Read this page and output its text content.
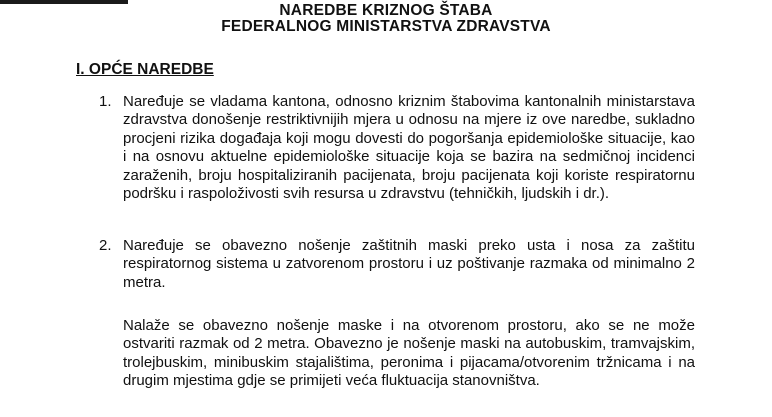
NAREDBE KRIZNOG ŠTABA
FEDERALNOG MINISTARSTVA ZDRAVSTVA
I. OPĆE NAREDBE
1. Naređuje se vladama kantona, odnosno kriznim štabovima kantonalnih ministarstava zdravstva donošenje restriktivnijih mjera u odnosu na mjere iz ove naredbe, sukladno procjeni rizika događaja koji mogu dovesti do pogoršanja epidemiološke situacije, kao i na osnovu aktuelne epidemiološke situacije koja se bazira na sedmičnoj incidenci zaraženih, broju hospitaliziranih pacijenata, broju pacijenata koji koriste respiratornu podršku i raspoloživosti svih resursa u zdravstvu (tehničkih, ljudskih i dr.).

2. Naređuje se obavezno nošenje zaštitnih maski preko usta i nosa za zaštitu respiratornog sistema u zatvorenom prostoru i uz poštivanje razmaka od minimalno 2 metra.

Nalaže se obavezno nošenje maske i na otvorenom prostoru, ako se ne može ostvariti razmak od 2 metra. Obavezno je nošenje maski na autobuskim, tramvajskim, trolejbuskim, minibuskim stajalištima, peronima i pijacama/otvorenim tržnicama i na drugim mjestima gdje se primijeti veća fluktuacija stanovništva.
